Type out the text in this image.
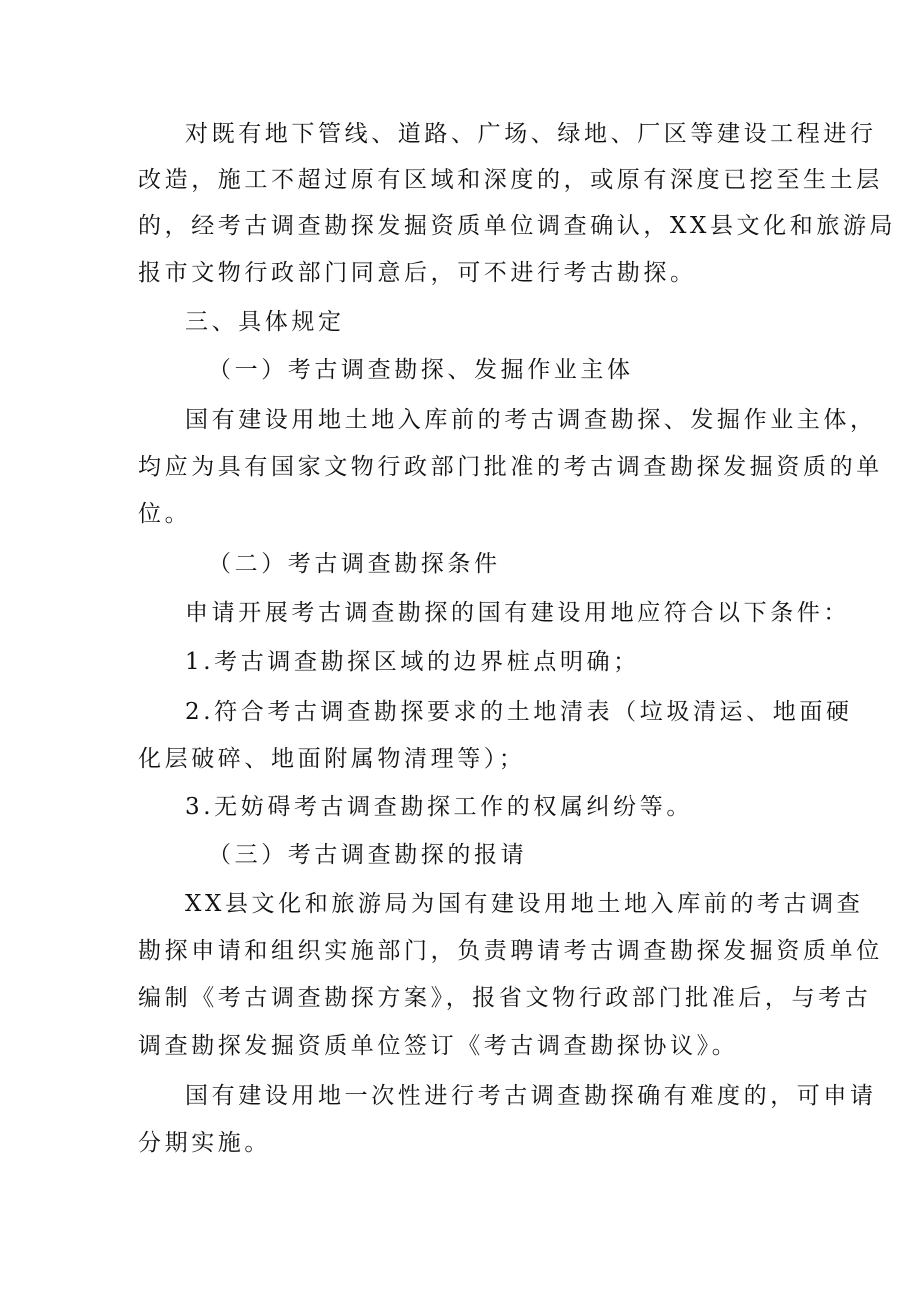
对既有地下管线、道路、广场、绿地、厂区等建设工程进行

改造，施工不超过原有区域和深度的，或原有深度已挖至生土层

的，经考古调查勘探发掘资质单位调查确认，XX县文化和旅游局

报市文物行政部门同意后，可不进行考古勘探。

三、具体规定

（一）考古调查勘探、发掘作业主体

国有建设用地土地入库前的考古调查勘探、发掘作业主体，

均应为具有国家文物行政部门批准的考古调查勘探发掘资质的单

位。

（二）考古调查勘探条件

申请开展考古调查勘探的国有建设用地应符合以下条件：

1.考古调查勘探区域的边界桩点明确；

2.符合考古调查勘探要求的土地清表（垃圾清运、地面硬

化层破碎、地面附属物清理等）；

3.无妨碍考古调查勘探工作的权属纠纷等。

（三）考古调查勘探的报请

XX县文化和旅游局为国有建设用地土地入库前的考古调查

勘探申请和组织实施部门，负责聘请考古调查勘探发掘资质单位

编制《考古调查勘探方案》，报省文物行政部门批准后，与考古

调查勘探发掘资质单位签订《考古调查勘探协议》。

国有建设用地一次性进行考古调查勘探确有难度的，可申请

分期实施。
